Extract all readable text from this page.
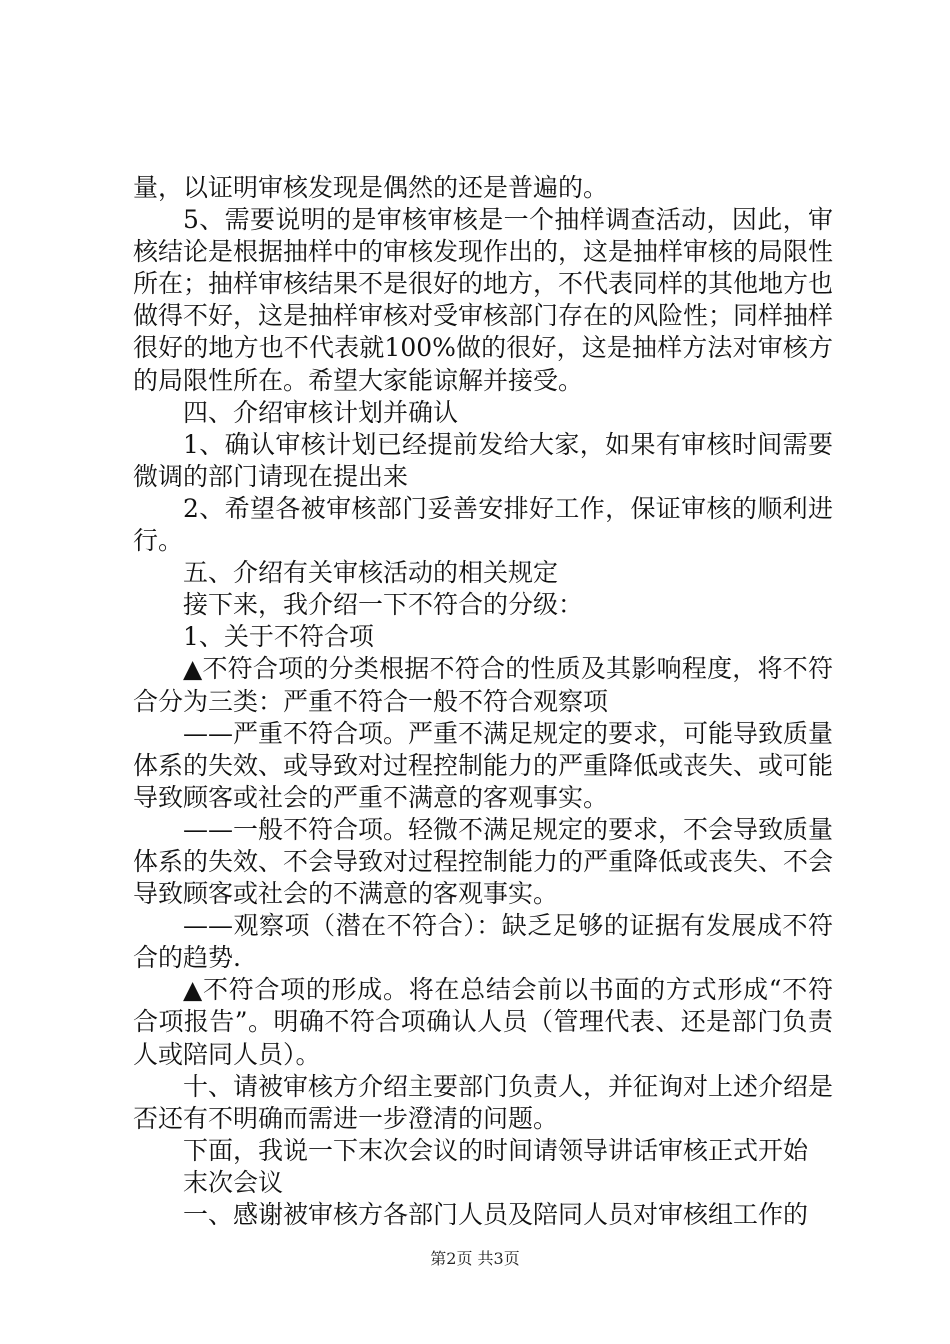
量，以证明审核发现是偶然的还是普遍的。

5、需要说明的是审核审核是一个抽样调查活动，因此，审核结论是根据抽样中的审核发现作出的，这是抽样审核的局限性所在；抽样审核结果不是很好的地方，不代表同样的其他地方也做得不好，这是抽样审核对受审核部门存在的风险性；同样抽样很好的地方也不代表就100%做的很好，这是抽样方法对审核方的局限性所在。希望大家能谅解并接受。

四、介绍审核计划并确认

1、确认审核计划已经提前发给大家，如果有审核时间需要微调的部门请现在提出来

2、希望各被审核部门妥善安排好工作，保证审核的顺利进行。

五、介绍有关审核活动的相关规定

接下来，我介绍一下不符合的分级：

1、关于不符合项

▲不符合项的分类根据不符合的性质及其影响程度，将不符合分为三类：严重不符合一般不符合观察项

——严重不符合项。严重不满足规定的要求，可能导致质量体系的失效、或导致对过程控制能力的严重降低或丧失、或可能导致顾客或社会的严重不满意的客观事实。

——一般不符合项。轻微不满足规定的要求，不会导致质量体系的失效、不会导致对过程控制能力的严重降低或丧失、不会导致顾客或社会的不满意的客观事实。

——观察项（潜在不符合）：缺乏足够的证据有发展成不符合的趋势.

▲不符合项的形成。将在总结会前以书面的方式形成“不符合项报告”。明确不符合项确认人员（管理代表、还是部门负责人或陪同人员）。

十、请被审核方介绍主要部门负责人，并征询对上述介绍是否还有不明确而需进一步澄清的问题。

下面，我说一下末次会议的时间请领导讲话审核正式开始

末次会议

一、感谢被审核方各部门人员及陪同人员对审核组工作的

第2页 共3页
